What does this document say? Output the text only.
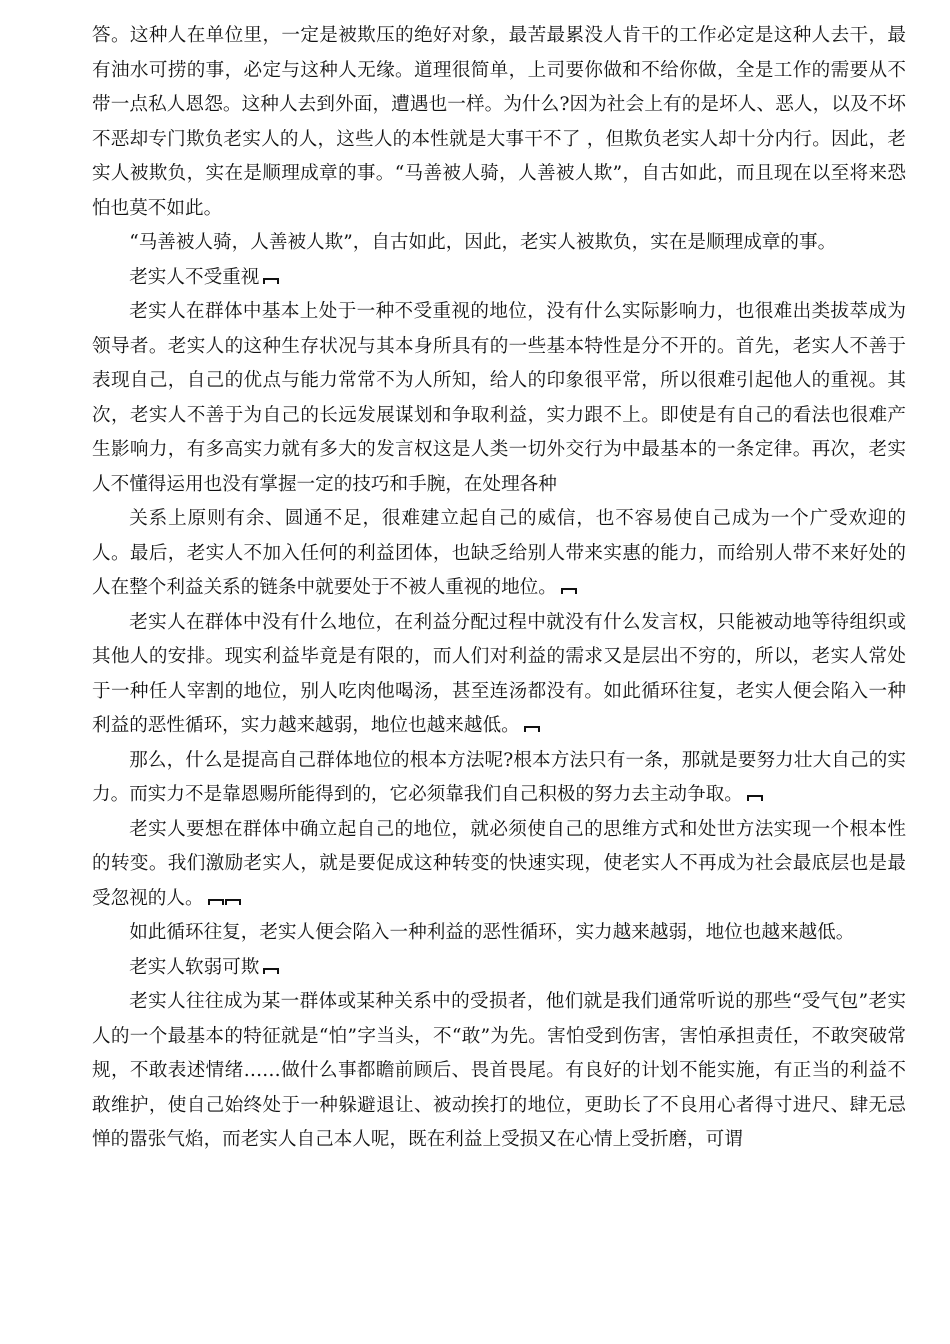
答。这种人在单位里，一定是被欺压的绝好对象，最苦最累没人肯干的工作必定是这种人去干，最有油水可捞的事，必定与这种人无缘。道理很简单，上司要你做和不给你做，全是工作的需要从不带一点私人恩怨。这种人去到外面，遭遇也一样。为什么?因为社会上有的是坏人、恶人，以及不坏不恶却专门欺负老实人的人，这些人的本性就是大事干不了 ，但欺负老实人却十分内行。因此，老实人被欺负，实在是顺理成章的事。“马善被人骑，人善被人欺”，自古如此，而且现在以至将来恐怕也莫不如此。

“马善被人骑，人善被人欺”，自古如此，因此，老实人被欺负，实在是顺理成章的事。

老实人不受重视

老实人在群体中基本上处于一种不受重视的地位，没有什么实际影响力，也很难出类拔萃成为领导者。老实人的这种生存状况与其本身所具有的一些基本特性是分不开的。首先，老实人不善于表现自己，自己的优点与能力常常不为人所知，给人的印象很平常，所以很难引起他人的重视。其次，老实人不善于为自己的长远发展谋划和争取利益，实力跟不上。即使是有自己的看法也很难产生影响力，有多高实力就有多大的发言权这是人类一切外交行为中最基本的一条定律。再次，老实人不懂得运用也没有掌握一定的技巧和手腕，在处理各种

关系上原则有余、圆通不足，很难建立起自己的威信，也不容易使自己成为一个广受欢迎的人。最后，老实人不加入任何的利益团体，也缺乏给别人带来实惠的能力，而给别人带不来好处的人在整个利益关系的链条中就要处于不被人重视的地位。

老实人在群体中没有什么地位，在利益分配过程中就没有什么发言权，只能被动地等待组织或其他人的安排。现实利益毕竟是有限的，而人们对利益的需求又是层出不穷的，所以，老实人常处于一种任人宰割的地位，别人吃肉他喝汤，甚至连汤都没有。如此循环往复，老实人便会陷入一种利益的恶性循环，实力越来越弱，地位也越来越低。

那么，什么是提高自己群体地位的根本方法呢?根本方法只有一条，那就是要努力壮大自己的实力。而实力不是靠恩赐所能得到的，它必须靠我们自己积极的努力去主动争取。

老实人要想在群体中确立起自己的地位，就必须使自己的思维方式和处世方法实现一个根本性的转变。我们激励老实人，就是要促成这种转变的快速实现，使老实人不再成为社会最底层也是最受忽视的人。

如此循环往复，老实人便会陷入一种利益的恶性循环，实力越来越弱，地位也越来越低。

老实人软弱可欺

老实人往往成为某一群体或某种关系中的受损者，他们就是我们通常听说的那些“受气包”老实人的一个最基本的特征就是“怕”字当头，不“敢”为先。害怕受到伤害，害怕承担责任，不敢突破常规，不敢表述情绪……做什么事都瞻前顾后、畏首畏尾。有良好的计划不能实施，有正当的利益不敢维护，使自己始终处于一种躲避退让、被动挨打的地位，更助长了不良用心者得寸进尺、肆无忌惮的嚣张气焰，而老实人自己本人呢，既在利益上受损又在心情上受折磨，可谓
